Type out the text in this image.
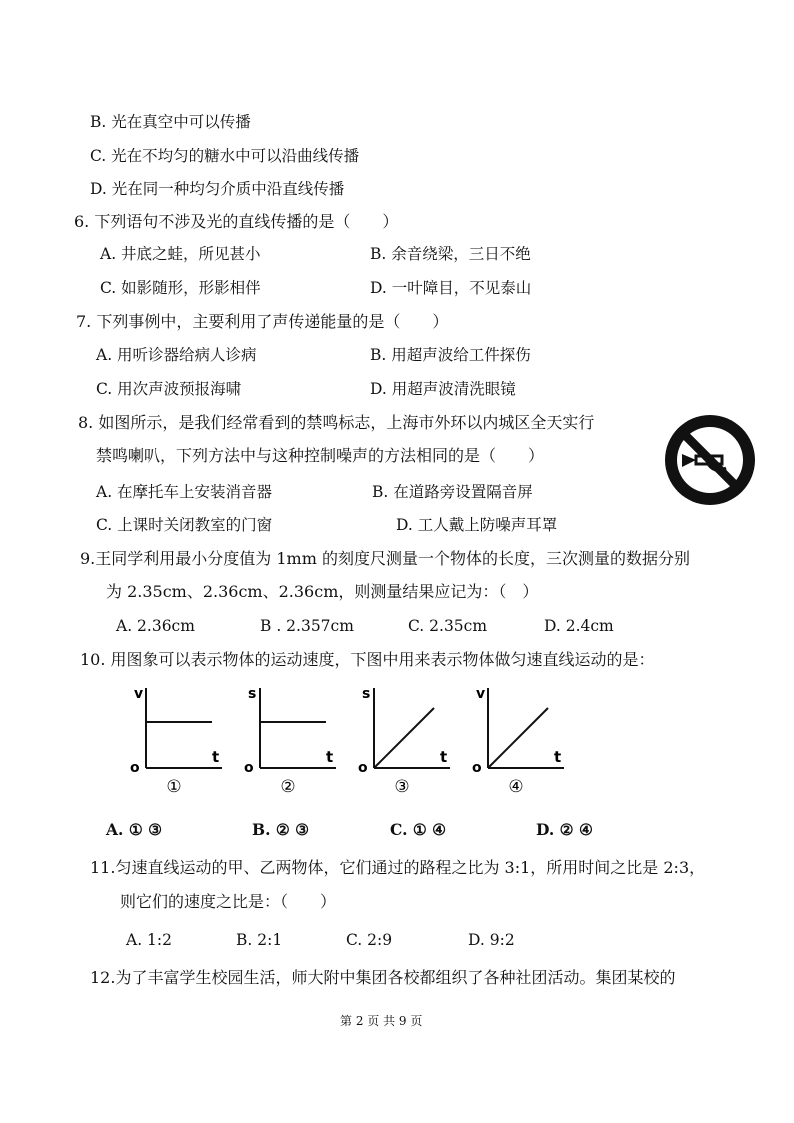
B. 光在真空中可以传播
C. 光在不均匀的糖水中可以沿曲线传播
D. 光在同一种均匀介质中沿直线传播
6. 下列语句不涉及光的直线传播的是（　　）
A. 井底之蛙，所见甚小	B. 余音绕梁，三日不绝
C. 如影随形，形影相伴	D. 一叶障目，不见泰山
7. 下列事例中，主要利用了声传递能量的是（　　）
A. 用听诊器给病人诊病	B. 用超声波给工件探伤
C. 用次声波预报海啸	D. 用超声波清洗眼镜
8. 如图所示，是我们经常看到的禁鸣标志，上海市外环以内城区全天实行
禁鸣喇叭，下列方法中与这种控制噪声的方法相同的是（　　）
A. 在摩托车上安装消音器	B. 在道路旁设置隔音屏
C. 上课时关闭教室的门窗	D. 工人戴上防噪声耳罩
9.王同学利用最小分度值为 1mm 的刻度尺测量一个物体的长度，三次测量的数据分别
为 2.35cm、2.36cm、2.36cm，则测量结果应记为：（　）
A. 2.36cm	B . 2.357cm	C. 2.35cm	D. 2.4cm
10. 用图象可以表示物体的运动速度，下图中用来表示物体做匀速直线运动的是：
v
t
o
①
s
t
o
②
s
t
o
③
v
t
o
④
A. ① ③	B. ② ③	C. ① ④	D. ② ④
11.匀速直线运动的甲、乙两物体，它们通过的路程之比为 3:1，所用时间之比是 2:3，
则它们的速度之比是：（　　）
A. 1:2	B. 2:1	C. 2:9	D. 9:2
12.为了丰富学生校园生活，师大附中集团各校都组织了各种社团活动。集团某校的
第 2 页 共 9 页
